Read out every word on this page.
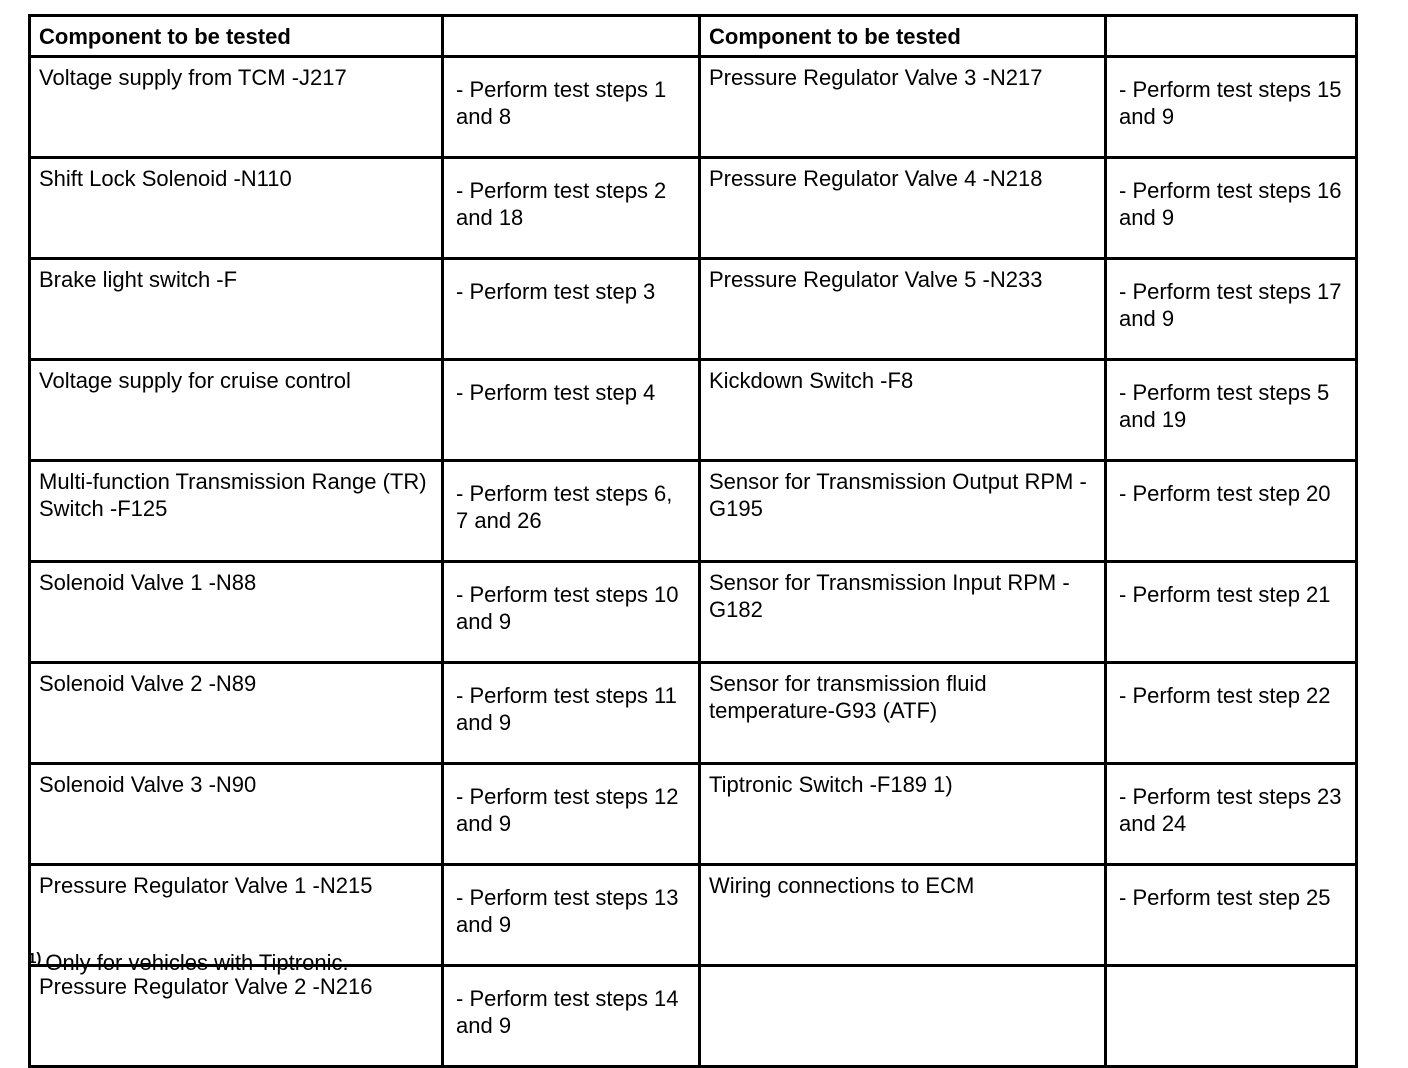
Component to be tested		Component to be tested	
Voltage supply from TCM -J217	- Perform test steps 1 and 8	Pressure Regulator Valve 3 -N217	- Perform test steps 15 and 9
Shift Lock Solenoid -N110	- Perform test steps 2 and 18	Pressure Regulator Valve 4 -N218	- Perform test steps 16 and 9
Brake light switch -F	- Perform test step 3	Pressure Regulator Valve 5 -N233	- Perform test steps 17 and 9
Voltage supply for cruise control	- Perform test step 4	Kickdown Switch -F8	- Perform test steps 5 and 19
Multi-function Transmission Range (TR) Switch -F125	- Perform test steps 6, 7 and 26	Sensor for Transmission Output RPM -G195	- Perform test step 20
Solenoid Valve 1 -N88	- Perform test steps 10 and 9	Sensor for Transmission Input RPM -G182	- Perform test step 21
Solenoid Valve 2 -N89	- Perform test steps 11 and 9	Sensor for transmission fluid temperature-G93 (ATF)	- Perform test step 22
Solenoid Valve 3 -N90	- Perform test steps 12 and 9	Tiptronic Switch -F189 1)	- Perform test steps 23 and 24
Pressure Regulator Valve 1 -N215	- Perform test steps 13 and 9	Wiring connections to ECM	- Perform test step 25
Pressure Regulator Valve 2 -N216	- Perform test steps 14 and 9		
$^{1)}$ Only for vehicles with Tiptronic.
